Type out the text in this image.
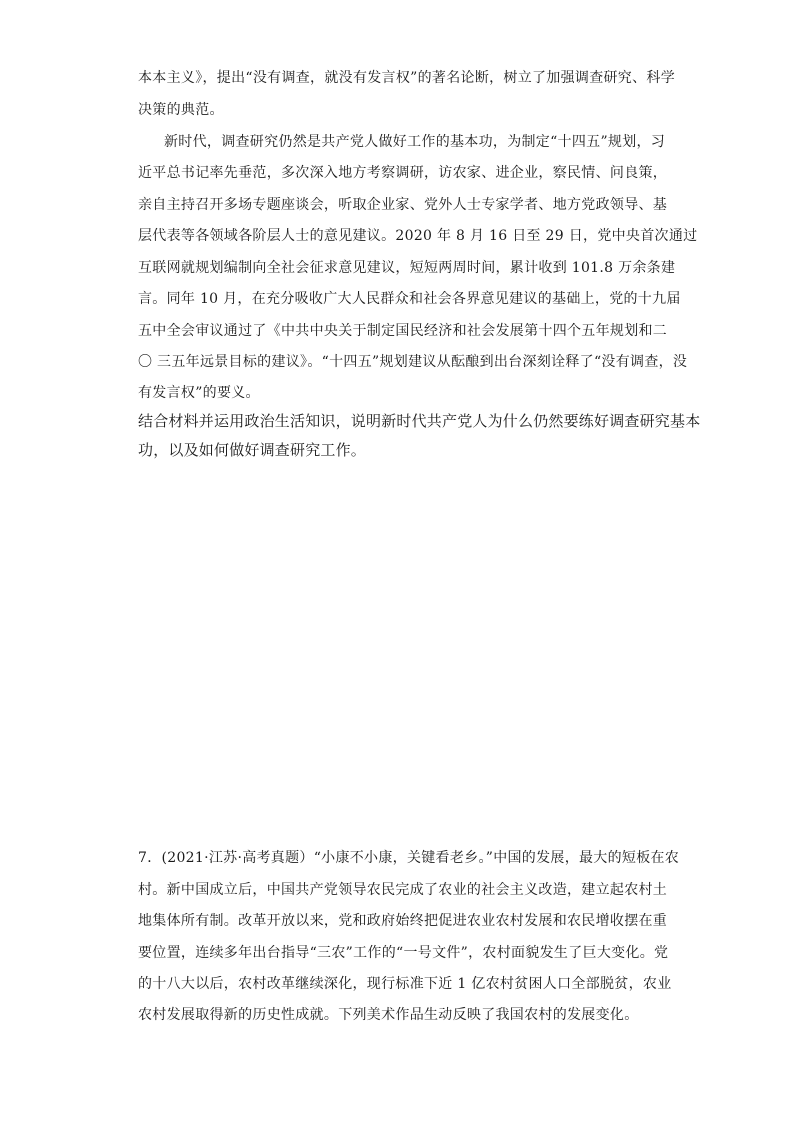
本本主义》，提出“没有调查，就没有发言权”的著名论断，树立了加强调查研究、科学
决策的典范。
新时代，调查研究仍然是共产党人做好工作的基本功，为制定“十四五”规划，习
近平总书记率先垂范，多次深入地方考察调研，访农家、进企业，察民情、问良策，
亲自主持召开多场专题座谈会，听取企业家、党外人士专家学者、地方党政领导、基
层代表等各领域各阶层人士的意见建议。2020 年 8 月 16 日至 29 日，党中央首次通过
互联网就规划编制向全社会征求意见建议，短短两周时间，累计收到 101.8 万余条建
言。同年 10 月，在充分吸收广大人民群众和社会各界意见建议的基础上，党的十九届
五中全会审议通过了《中共中央关于制定国民经济和社会发展第十四个五年规划和二
〇 三五年远景目标的建议》。“十四五”规划建议从酝酿到出台深刻诠释了“没有调查，没
有发言权”的要义。
结合材料并运用政治生活知识，说明新时代共产党人为什么仍然要练好调查研究基本
功，以及如何做好调查研究工作。
7．(2021·江苏·高考真题）“小康不小康，关键看老乡。”中国的发展，最大的短板在农
村。新中国成立后，中国共产党领导农民完成了农业的社会主义改造，建立起农村土
地集体所有制。改革开放以来，党和政府始终把促进农业农村发展和农民增收摆在重
要位置，连续多年出台指导“三农”工作的“一号文件”，农村面貌发生了巨大变化。党
的十八大以后，农村改革继续深化，现行标准下近 1 亿农村贫困人口全部脱贫，农业
农村发展取得新的历史性成就。下列美术作品生动反映了我国农村的发展变化。
